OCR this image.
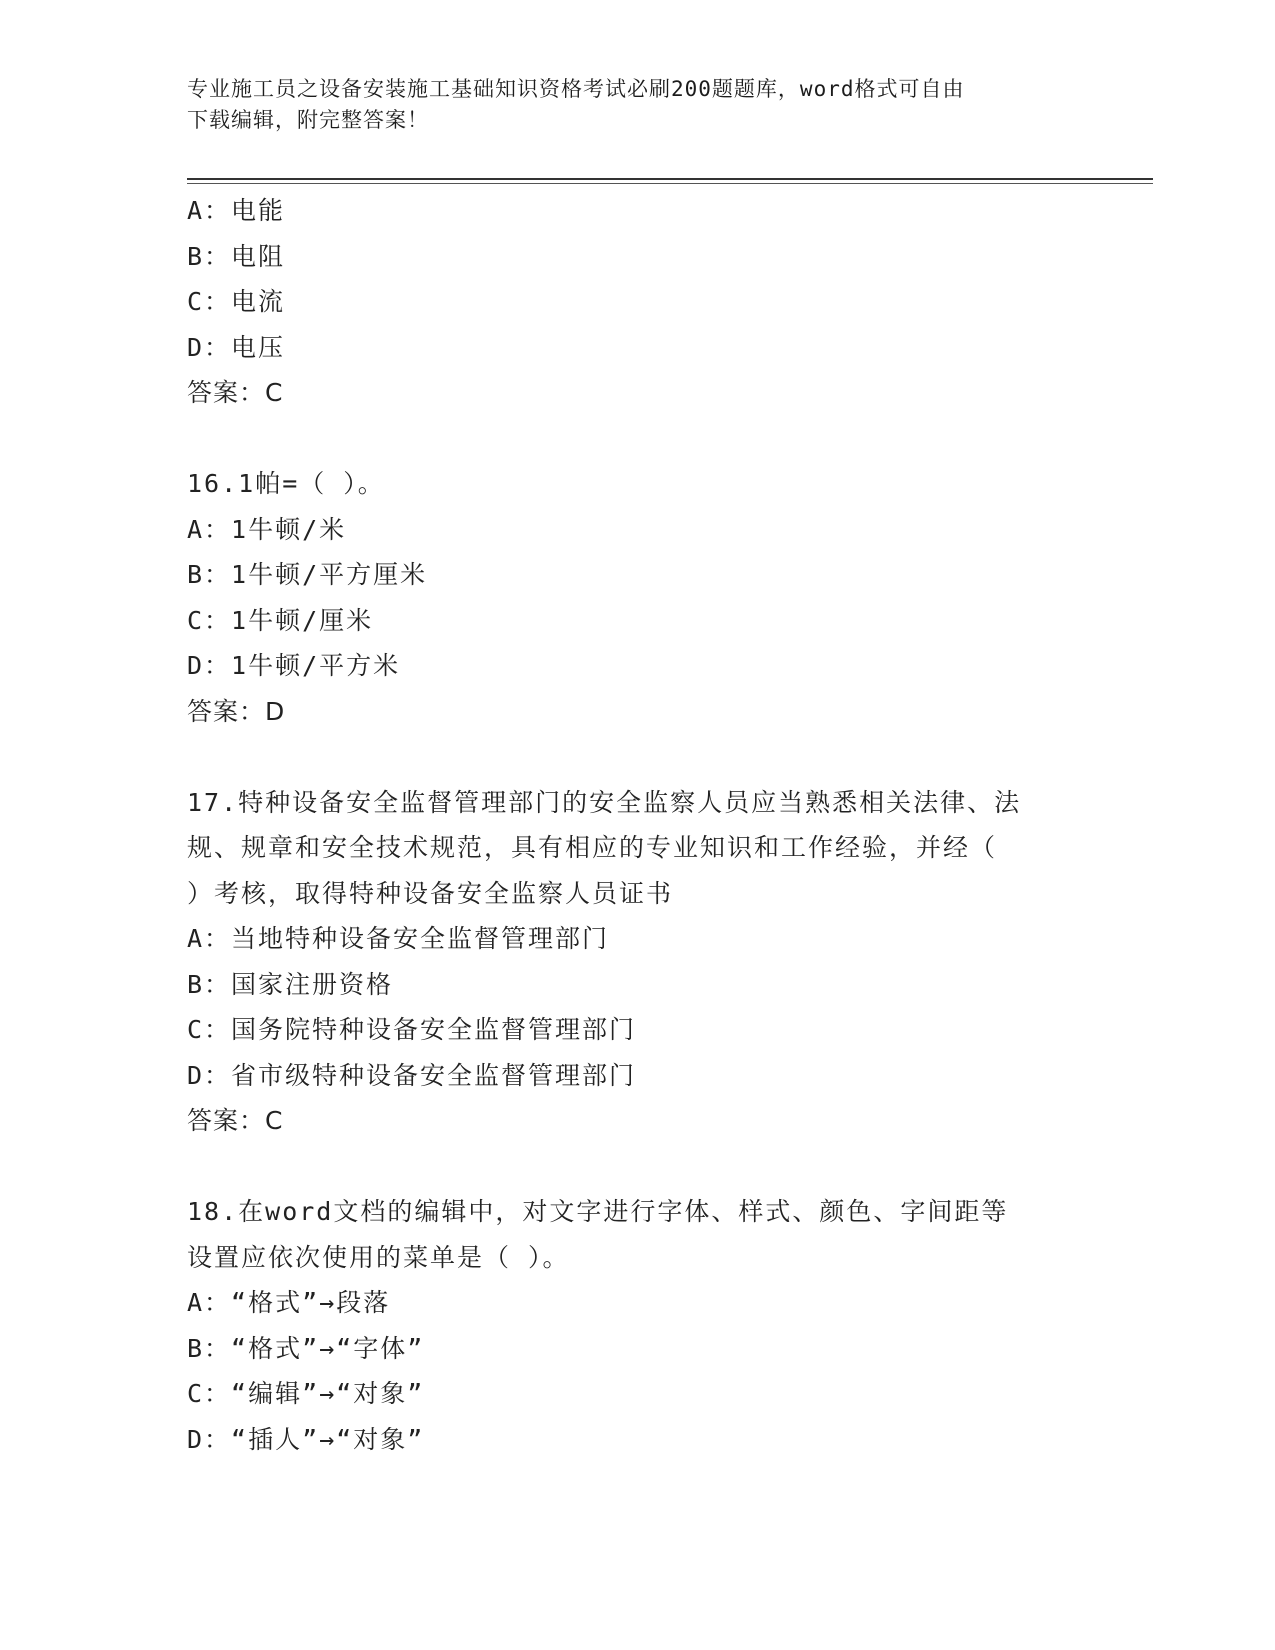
专业施工员之设备安装施工基础知识资格考试必刷200题题库，word格式可自由
下载编辑，附完整答案！
A：电能
B：电阻
C：电流
D：电压
答案：C
16.1帕=（ ）。
A：1牛顿/米
B：1牛顿/平方厘米
C：1牛顿/厘米
D：1牛顿/平方米
答案：D
17.特种设备安全监督管理部门的安全监察人员应当熟悉相关法律、法
规、规章和安全技术规范，具有相应的专业知识和工作经验，并经（
）考核，取得特种设备安全监察人员证书
A：当地特种设备安全监督管理部门
B：国家注册资格
C：国务院特种设备安全监督管理部门
D：省市级特种设备安全监督管理部门
答案：C
18.在word文档的编辑中，对文字进行字体、样式、颜色、字间距等
设置应依次使用的菜单是（ ）。
A：“格式”→段落
B：“格式”→“字体”
C：“编辑”→“对象”
D：“插人”→“对象”
